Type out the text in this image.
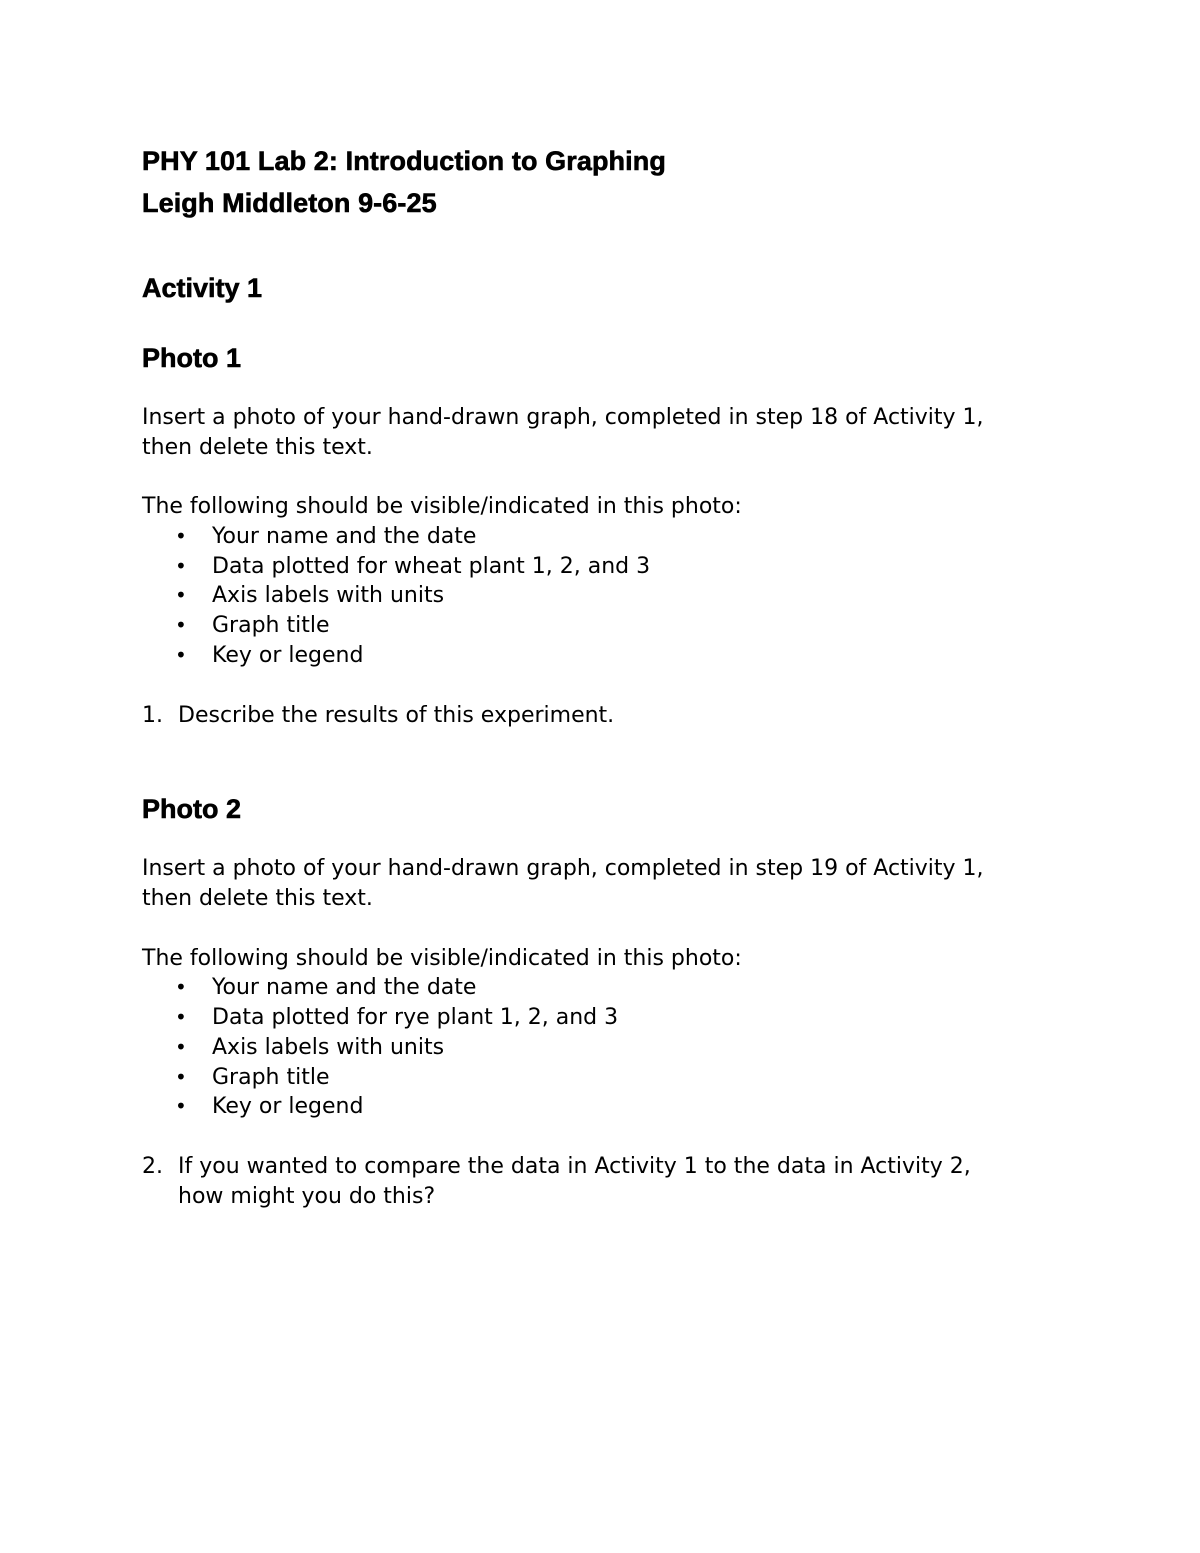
PHY 101 Lab 2: Introduction to Graphing
Leigh Middleton 9-6-25
Activity 1
Photo 1

Insert a photo of your hand-drawn graph, completed in step 18 of Activity 1,

then delete this text.

The following should be visible/indicated in this photo:

• Your name and the date
• Data plotted for wheat plant 1, 2, and 3
• Axis labels with units
• Graph title
• Key or legend
1. Describe the results of this experiment.
Photo 2

Insert a photo of your hand-drawn graph, completed in step 19 of Activity 1,

then delete this text.

The following should be visible/indicated in this photo:

• Your name and the date
• Data plotted for rye plant 1, 2, and 3
• Axis labels with units
• Graph title
• Key or legend
2. If you wanted to compare the data in Activity 1 to the data in Activity 2,
how might you do this?
